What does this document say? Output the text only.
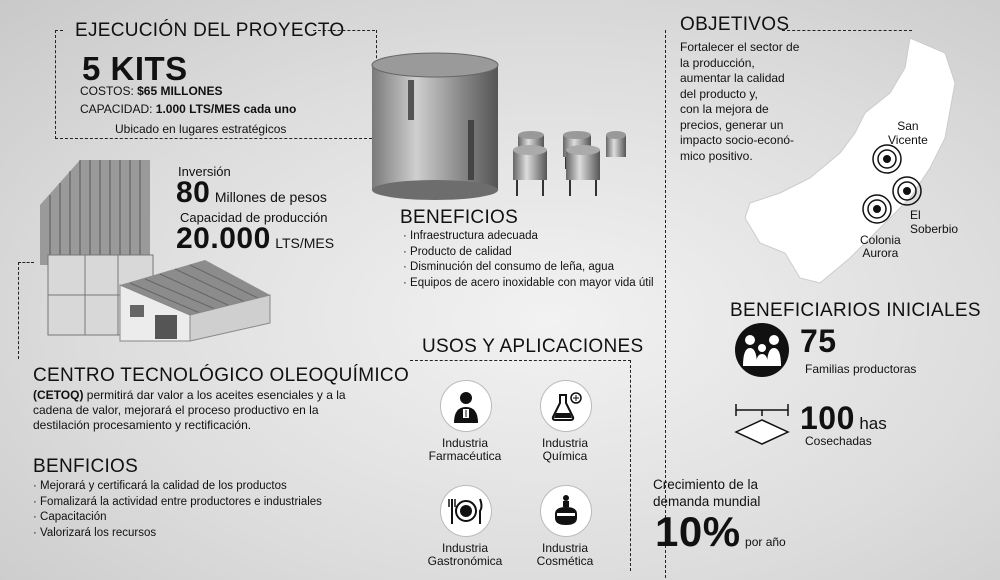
EJECUCIÓN DEL PROYECTO
5 KITS
COSTOS: $65 MILLONES
CAPACIDAD: 1.000 LTS/MES cada uno
Ubicado en lugares estratégicos
OBJETIVOS
Fortalecer el sector de
la producción,
aumentar la calidad
del producto y,
con la mejora de
precios, generar un
impacto socio-econó-
mico positivo.
San
Vicente
El
Soberbio
Colonia
Aurora
Inversión
80 Millones de pesos
Capacidad de producción
20.000 LTS/MES
BENEFICIOS
· Infraestructura adecuada
· Producto de calidad
· Disminución del consumo de leña, agua
· Equipos de acero inoxidable con mayor vida útil
BENEFICIARIOS INICIALES
75
Familias productoras
100 has
Cosechadas
CENTRO TECNOLÓGICO OLEOQUÍMICO
(CETOQ) permitirá dar valor a los aceites esenciales y a la
cadena de valor, mejorará el proceso productivo en la
destilación procesamiento y rectificación.
USOS Y APLICACIONES
Industria
Farmacéutica
Industria
Química
Industria
Gastronómica
Industria
Cosmética
BENFICIOS
· Mejorará y certificará la calidad de los productos
· Fomalizará la actividad entre productores e industriales
· Capacitación
· Valorizará los recursos
Crecimiento de la
demanda mundial
10% por año
